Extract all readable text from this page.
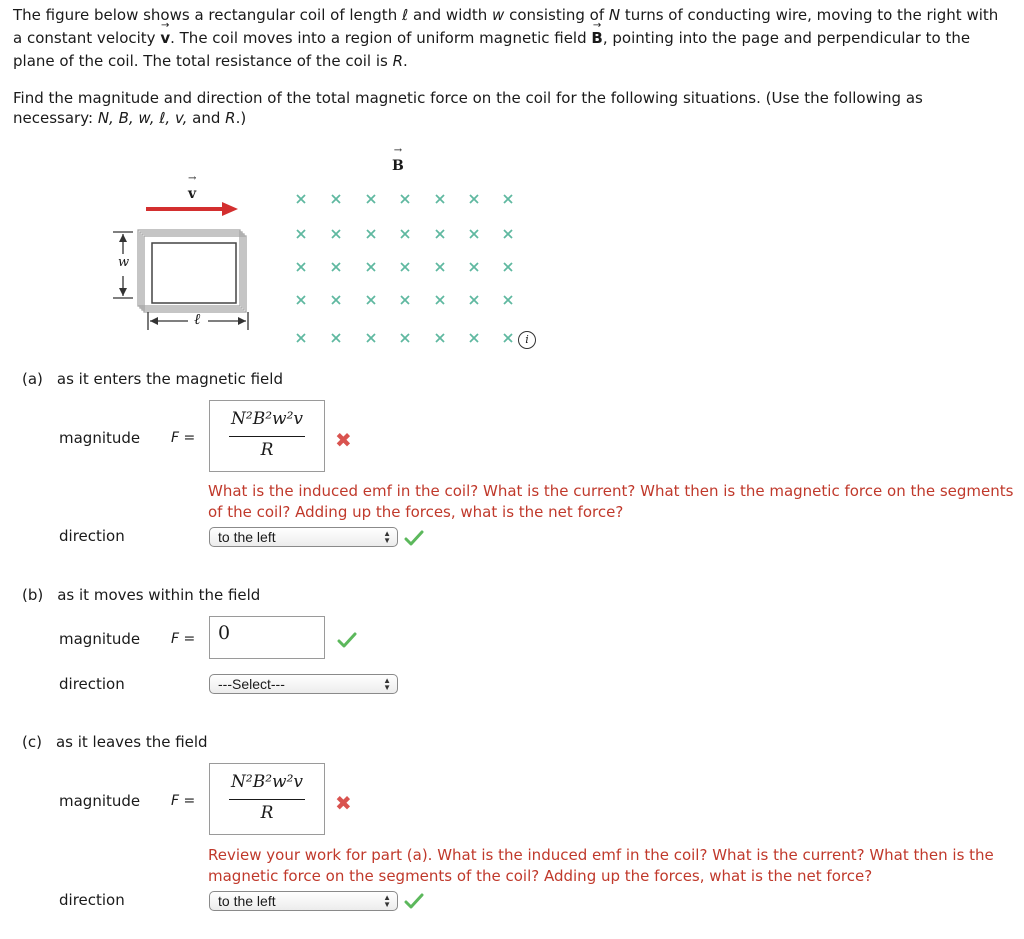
The figure below shows a rectangular coil of length ℓ and width w consisting of N turns of conducting wire, moving to the right with
a constant velocity → v. The coil moves into a region of uniform magnetic field → B, pointing into the page and perpendicular to the
plane of the coil. The total resistance of the coil is R.
Find the magnitude and direction of the total magnetic force on the coil for the following situations. (Use the following as
necessary: N, B, w, ℓ, v, and R.)
→ v
→ B
w
ℓ
i
(a) as it enters the magnetic field
magnitude F =
N²B²w²v
R	✖
What is the induced emf in the coil? What is the current? What then is the magnetic force on the segments of the coil? Adding up the forces, what is the net force?
direction	to the left	▲
▼
(b) as it moves within the field
magnitude F = 0
direction	---Select---	▲
▼
(c) as it leaves the field
magnitude F =
N²B²w²v
R	✖
Review your work for part (a). What is the induced emf in the coil? What is the current? What then is the magnetic force on the segments of the coil? Adding up the forces, what is the net force?
direction	to the left	▲
▼
